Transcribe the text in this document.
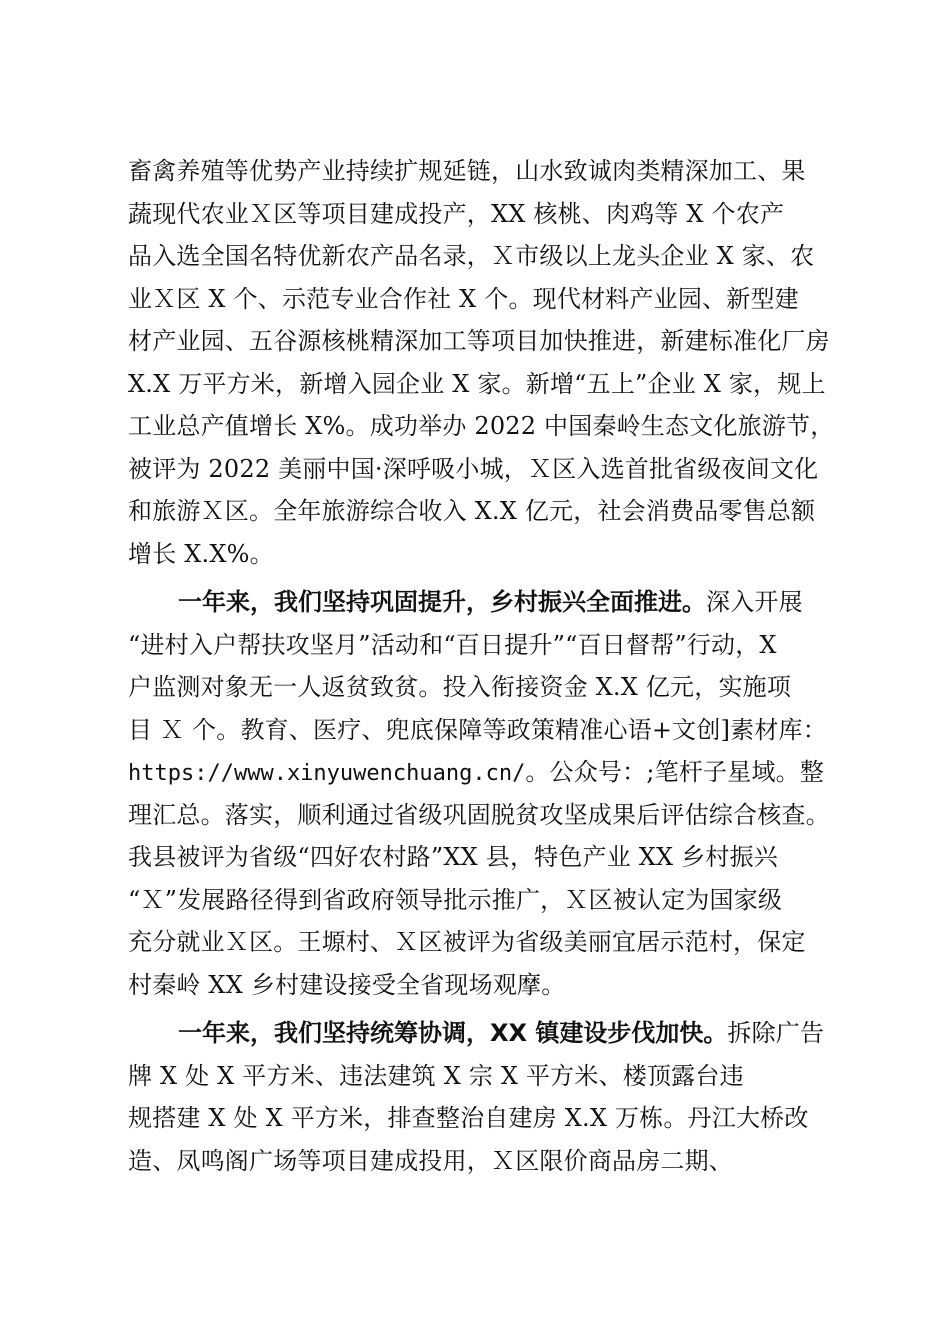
畜禽养殖等优势产业持续扩规延链，山水致诚肉类精深加工、果
蔬现代农业Ｘ区等项目建成投产，XX 核桃、肉鸡等 X 个农产
品入选全国名特优新农产品名录，Ｘ市级以上龙头企业 X 家、农
业Ｘ区 X 个、示范专业合作社 X 个。现代材料产业园、新型建
材产业园、五谷源核桃精深加工等项目加快推进，新建标准化厂房
X.X 万平方米，新增入园企业 X 家。新增“五上”企业 X 家，规上
工业总产值增长 X%。成功举办 2022 中国秦岭生态文化旅游节，
被评为 2022 美丽中国·深呼吸小城，Ｘ区入选首批省级夜间文化
和旅游Ｘ区。全年旅游综合收入 X.X 亿元，社会消费品零售总额
增长 X.X%。
一年来，我们坚持巩固提升，乡村振兴全面推进。深入开展
“进村入户帮扶攻坚月”活动和“百日提升”“百日督帮”行动，X
户监测对象无一人返贫致贫。投入衔接资金 X.X 亿元，实施项
目 Ｘ 个。教育、医疗、兜底保障等政策精准心语+文创]素材库：
https://www.xinyuwenchuang.cn/。公众号：;笔杆子星域。整
理汇总。落实，顺利通过省级巩固脱贫攻坚成果后评估综合核查。
我县被评为省级“四好农村路”XX 县，特色产业 XX 乡村振兴
“Ｘ”发展路径得到省政府领导批示推广，Ｘ区被认定为国家级
充分就业Ｘ区。王塬村、Ｘ区被评为省级美丽宜居示范村，保定
村秦岭 XX 乡村建设接受全省现场观摩。
一年来，我们坚持统筹协调，XX 镇建设步伐加快。拆除广告
牌 X 处 X 平方米、违法建筑 X 宗 X 平方米、楼顶露台违
规搭建 X 处 X 平方米，排查整治自建房 X.X 万栋。丹江大桥改
造、凤鸣阁广场等项目建成投用，Ｘ区限价商品房二期、
